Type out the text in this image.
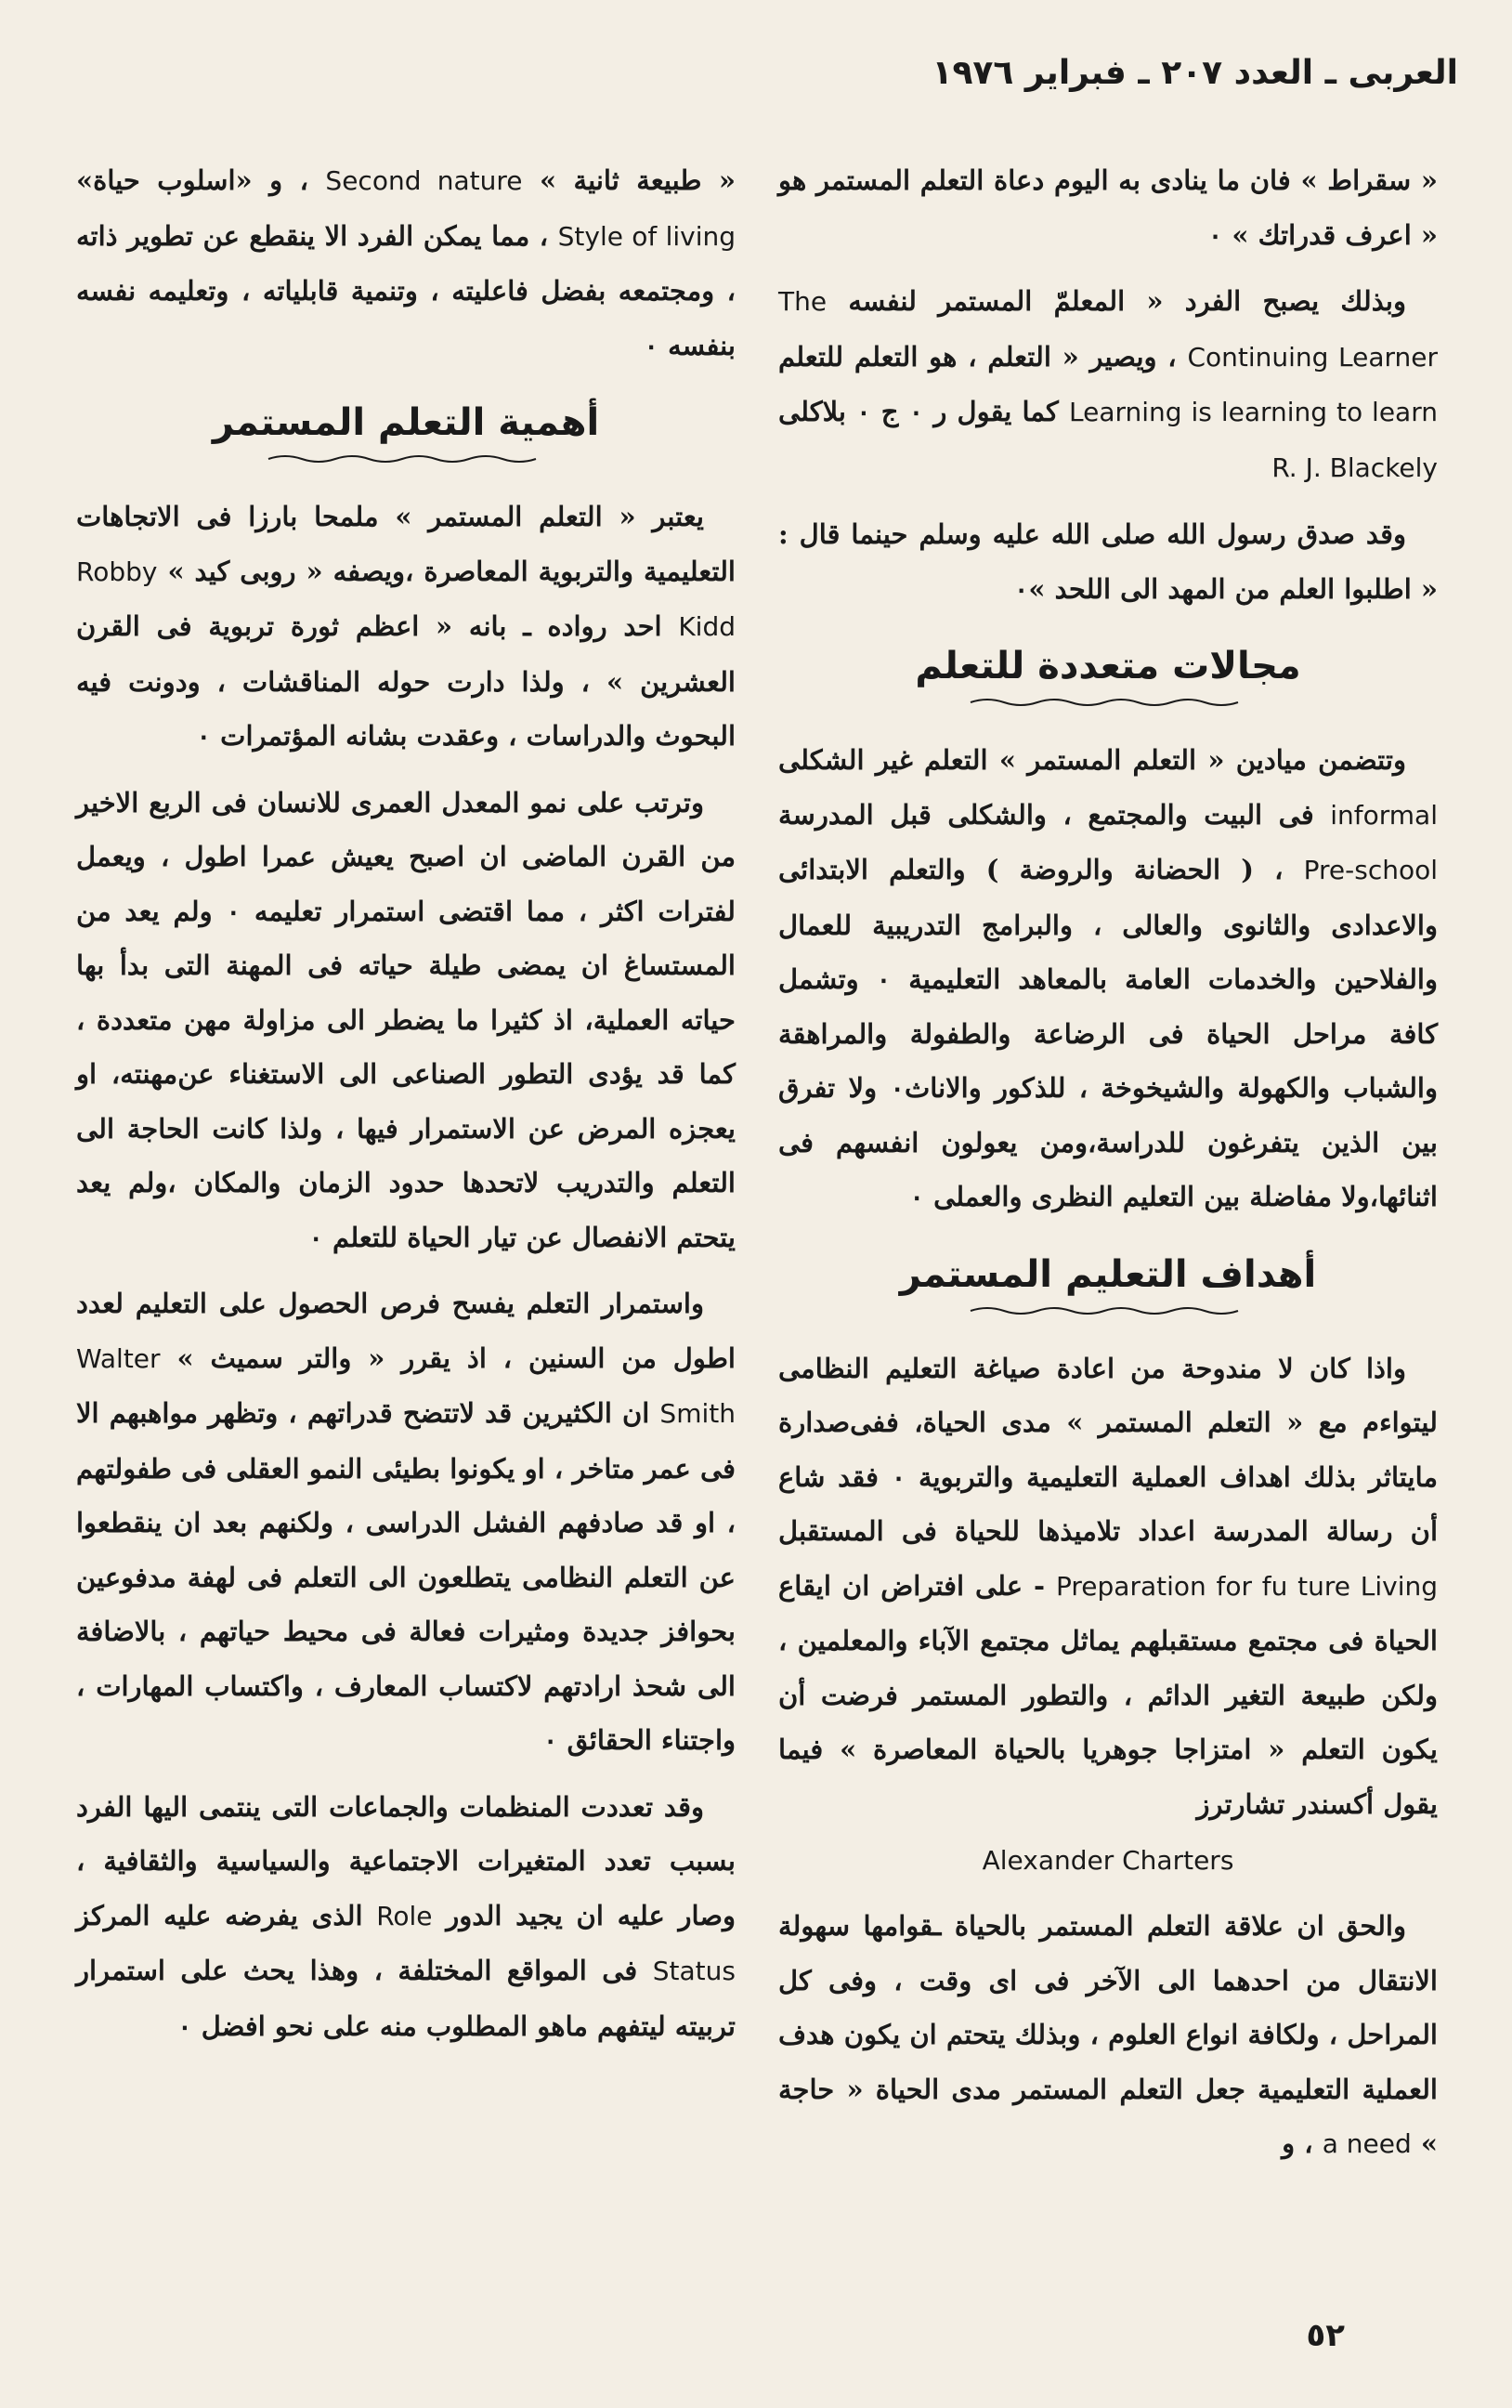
العربى ـ العدد ٢٠٧ ـ فبراير ١٩٧٦

« سقراط » فان ما ينادى به اليوم دعاة التعلم المستمر هو « اعرف قدراتك » ٠

وبذلك يصبح الفرد « المعلمّ المستمر لنفسه The Continuing Learner ، ويصير « التعلم ، هو التعلم للتعلم Learning is learning to learn كما يقول ر ٠ ج ٠ بلاكلى R. J. Blackely

وقد صدق رسول الله صلى الله عليه وسلم حينما قال : « اطلبوا العلم من المهد الى اللحد »٠

مجالات متعددة للتعلم

وتتضمن ميادين « التعلم المستمر » التعلم غير الشكلى informal فى البيت والمجتمع ، والشكلى قبل المدرسة Pre-school ، ( الحضانة والروضة ) والتعلم الابتدائى والاعدادى والثانوى والعالى ، والبرامج التدريبية للعمال والفلاحين والخدمات العامة بالمعاهد التعليمية ٠ وتشمل كافة مراحل الحياة فى الرضاعة والطفولة والمراهقة والشباب والكهولة والشيخوخة ، للذكور والاناث٠ ولا تفرق بين الذين يتفرغون للدراسة،ومن يعولون انفسهم فى اثنائها،ولا مفاضلة بين التعليم النظرى والعملى ٠

أهداف التعليم المستمر

واذا كان لا مندوحة من اعادة صياغة التعليم النظامى ليتواءم مع « التعلم المستمر » مدى الحياة، ففى‌صدارة مايتاثر بذلك اهداف العملية التعليمية والتربوية ٠ فقد شاع أن رسالة المدرسة اعداد تلاميذها للحياة فى المستقبل Preparation for fu ture Living - على افتراض ان ايقاع الحياة فى مجتمع مستقبلهم يماثل مجتمع الآباء والمعلمين ، ولكن طبيعة التغير الدائم ، والتطور المستمر فرضت أن يكون التعلم « امتزاجا جوهريا بالحياة المعاصرة » فيما يقول أكسندر تشارترز

Alexander Charters

والحق ان علاقة التعلم المستمر بالحياة ـقوامها سهولة الانتقال من احدهما الى الآخر فى اى وقت ، وفى كل المراحل ، ولكافة انواع العلوم ، وبذلك يتحتم ان يكون هدف العملية التعليمية جعل التعلم المستمر مدى الحياة « حاجة » a need ، و

« طبيعة ثانية » Second nature ، و «اسلوب حياة» Style of living ، مما يمكن الفرد الا ينقطع عن تطوير ذاته ، ومجتمعه بفضل فاعليته ، وتنمية قابلياته ، وتعليمه نفسه بنفسه ٠

أهمية التعلم المستمر

يعتبر « التعلم المستمر » ملمحا بارزا فى الاتجاهات التعليمية والتربوية المعاصرة ،ويصفه « روبى كيد » Robby Kidd احد رواده ـ بانه « اعظم ثورة تربوية فى القرن العشرين » ، ولذا دارت حوله المناقشات ، ودونت فيه البحوث والدراسات ، وعقدت بشانه المؤتمرات ٠

وترتب على نمو المعدل العمرى للانسان فى الربع الاخير من القرن الماضى ان اصبح يعيش عمرا اطول ، ويعمل لفترات اكثر ، مما اقتضى استمرار تعليمه ٠ ولم يعد من المستساغ ان يمضى طيلة حياته فى المهنة التى بدأ بها حياته العملية، اذ كثيرا ما يضطر الى مزاولة مهن متعددة ، كما قد يؤدى التطور الصناعى الى الاستغناء عن‌مهنته، او يعجزه المرض عن الاستمرار فيها ، ولذا كانت الحاجة الى التعلم والتدريب لاتحدها حدود الزمان والمكان ،ولم يعد يتحتم الانفصال عن تيار الحياة للتعلم ٠

واستمرار التعلم يفسح فرص الحصول على التعليم لعدد اطول من السنين ، اذ يقرر « والتر سميث » Walter Smith ان الكثيرين قد لاتتضح قدراتهم ، وتظهر مواهبهم الا فى عمر متاخر ، او يكونوا بطيئى النمو العقلى فى طفولتهم ، او قد صادفهم الفشل الدراسى ، ولكنهم بعد ان ينقطعوا عن التعلم النظامى يتطلعون الى التعلم فى لهفة مدفوعين بحوافز جديدة ومثيرات فعالة فى محيط حياتهم ، بالاضافة الى شحذ ارادتهم لاكتساب المعارف ، واكتساب المهارات ، واجتناء الحقائق ٠

وقد تعددت المنظمات والجماعات التى ينتمى اليها الفرد بسبب تعدد المتغيرات الاجتماعية والسياسية والثقافية ، وصار عليه ان يجيد الدور Role الذى يفرضه عليه المركز Status فى المواقع المختلفة ، وهذا يحث على استمرار تربيته ليتفهم ماهو المطلوب منه على نحو افضل ٠

٥٢
